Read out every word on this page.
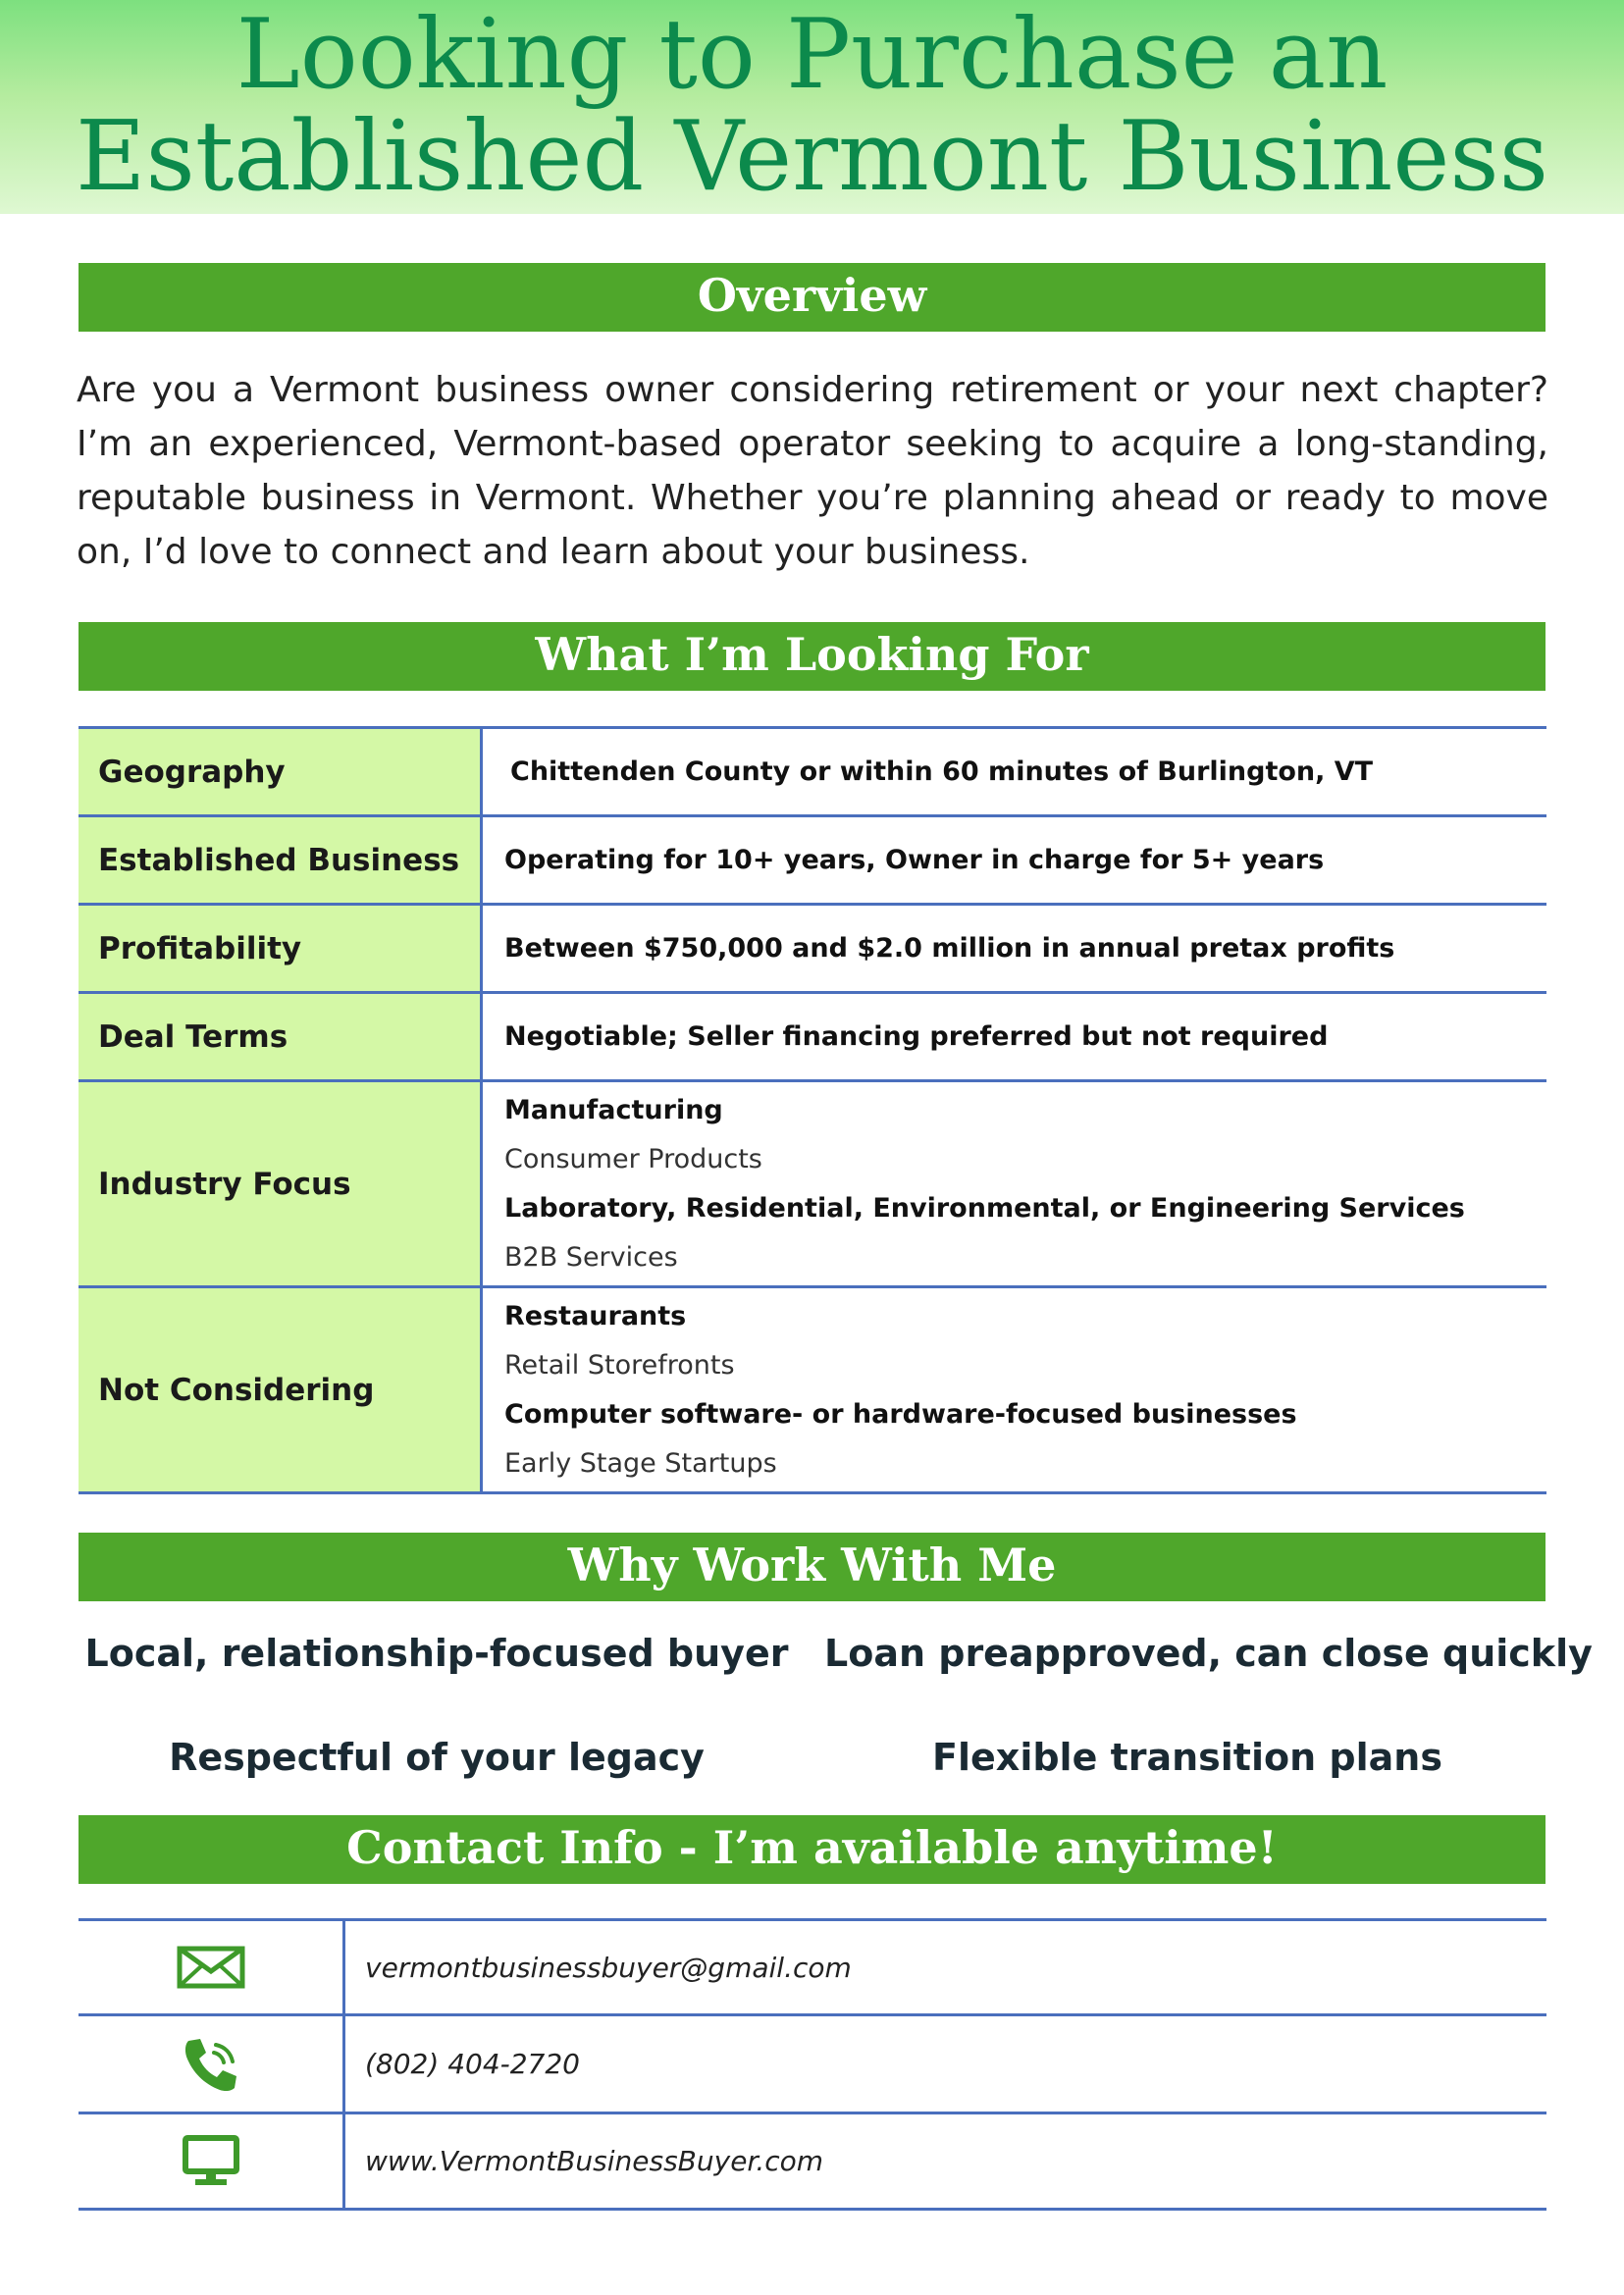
Looking to Purchase an
Established Vermont Business
Overview

Are you a Vermont business owner considering retirement or your next chapter? I’m an experienced, Vermont-based operator seeking to acquire a long-standing, reputable business in Vermont. Whether you’re planning ahead or ready to move on, I’d love to connect and learn about your business.

What I’m Looking For
Geography	Chittenden County or within 60 minutes of Burlington, VT
Established Business	Operating for 10+ years, Owner in charge for 5+ years
Profitability	Between $750,000 and $2.0 million in annual pretax profits
Deal Terms	Negotiable; Seller financing preferred but not required
Industry Focus	Manufacturing
Consumer Products
Laboratory, Residential, Environmental, or Engineering Services
B2B Services

Not Considering	Restaurants
Retail Storefronts
Computer software- or hardware-focused businesses
Early Stage Startups
Why Work With Me
Local, relationship-focused buyer Loan preapproved, can close quickly
Respectful of your legacy	Flexible transition plans
Contact Info - I’m available anytime!
	vermontbusinessbuyer@gmail.com
	(802) 404-2720
	www.VermontBusinessBuyer.com
